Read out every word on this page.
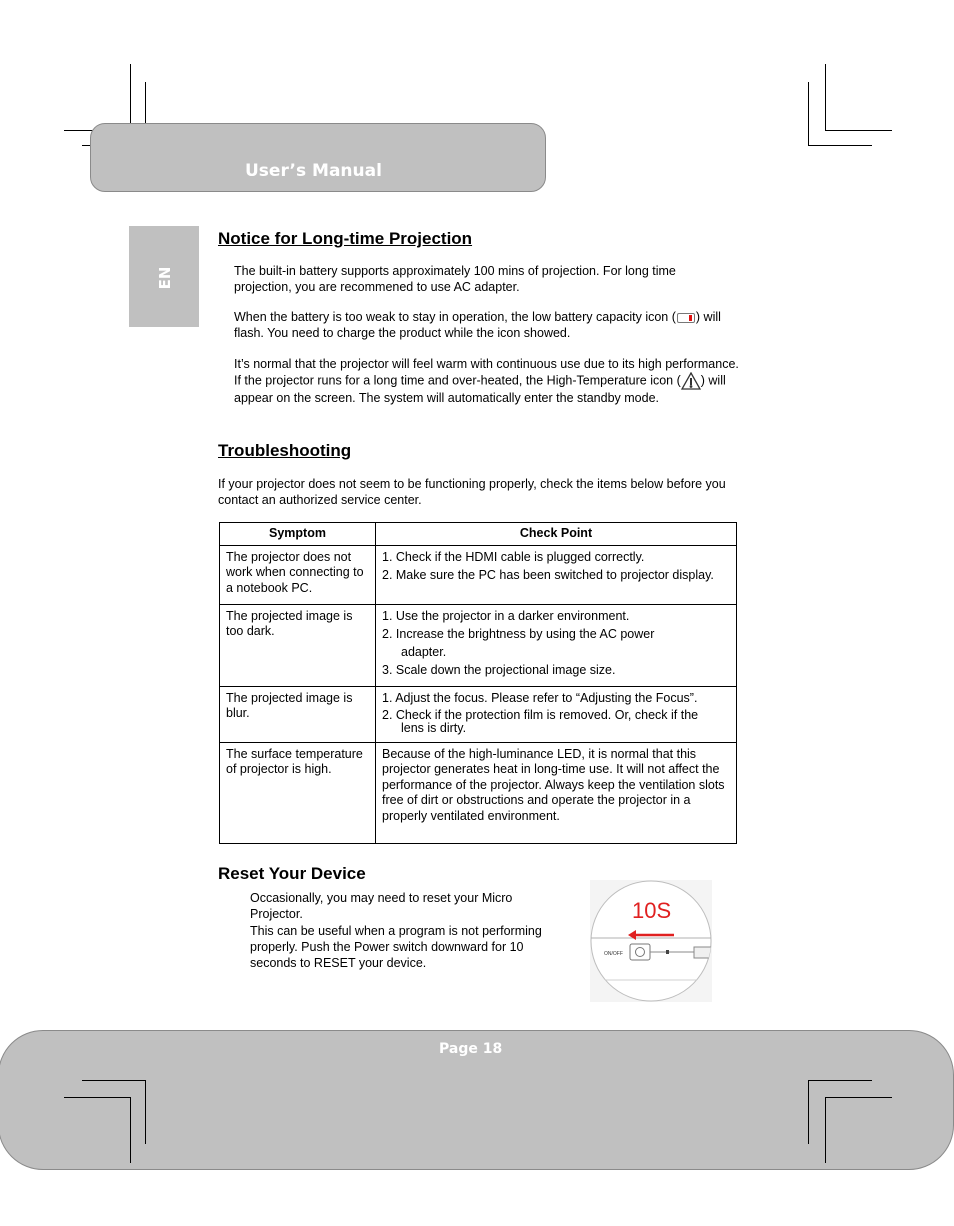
User’s Manual
EN
Notice for Long-time Projection

The built-in battery supports approximately 100 mins of projection. For long time projection, you are recommened to use AC adapter.

When the battery is too weak to stay in operation, the low battery capacity icon ( ) will flash. You need to charge the product while the icon showed.

It’s normal that the projector will feel warm with continuous use due to its high performance. If the projector runs for a long time and over-heated, the High-Temperature icon ( ) will appear on the screen. The system will automatically enter the standby mode.

Troubleshooting

If your projector does not seem to be functioning properly, check the items below before you contact an authorized service center.

Symptom	Check Point
The projector does not work when connecting to a notebook PC.	1. Check if the HDMI cable is plugged correctly.
2. Make sure the PC has been switched to projector display.

The projected image is too dark.	1. Use the projector in a darker environment.
2. Increase the brightness by using the AC power
adapter.
3. Scale down the projectional image size.

The projected image is blur.	1. Adjust the focus. Please refer to “Adjusting the Focus”.
2. Check if the protection film is removed. Or, check if the
lens is dirty.

The surface temperature of projector is high.	Because of the high-luminance LED, it is normal that this projector generates heat in long-time use. It will not affect the performance of the projector. Always keep the ventilation slots free of dirt or obstructions and operate the projector in a properly ventilated environment.
Reset Your Device

Occasionally, you may need to reset your Micro Projector.

This can be useful when a program is not performing properly. Push the Power switch downward for 10 seconds to RESET your device.

10S
ON/OFF
Page 18
